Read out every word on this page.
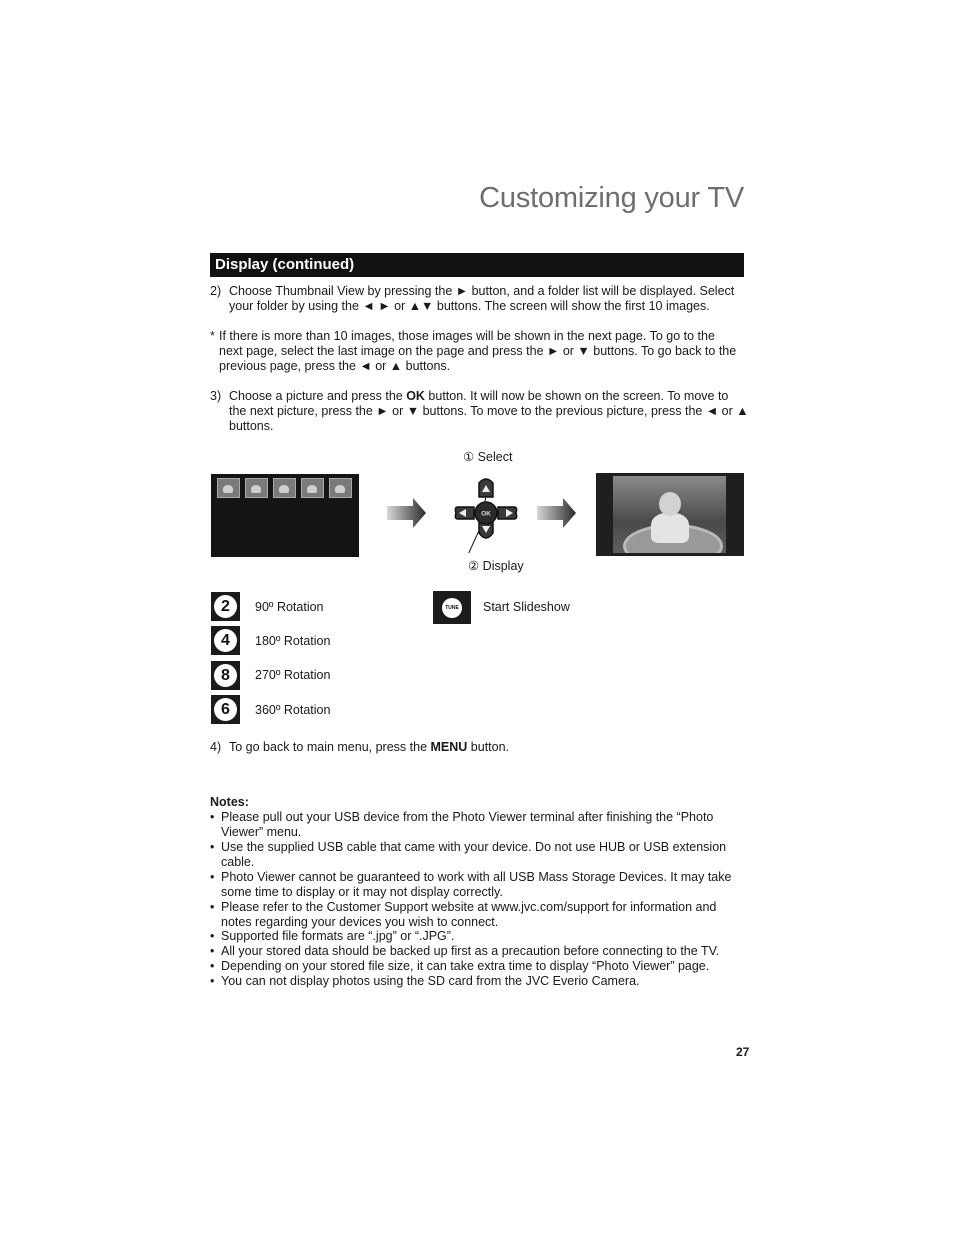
Customizing your TV
Display (continued)
2) Choose Thumbnail View by pressing the ► button, and a folder list will be displayed. Select your folder by using the ◄ ► or ▲▼ buttons. The screen will show the first 10 images.
* If there is more than 10 images, those images will be shown in the next page. To go to the next page, select the last image on the page and press the ► or ▼ buttons. To go back to the previous page, press the ◄ or ▲ buttons.
3) Choose a picture and press the OK button. It will now be shown on the screen. To move to the next picture, press the ► or ▼ buttons. To move to the previous picture, press the ◄ or ▲ buttons.
① Select
OK
② Display
2	90º Rotation
4	180º Rotation
8	270º Rotation
6	360º Rotation
TUNE Start Slideshow
4) To go back to main menu, press the MENU button.
Notes:
• Please pull out your USB device from the Photo Viewer terminal after finishing the “Photo Viewer” menu.
• Use the supplied USB cable that came with your device. Do not use HUB or USB extension cable.
• Photo Viewer cannot be guaranteed to work with all USB Mass Storage Devices. It may take some time to display or it may not display correctly.
• Please refer to the Customer Support website at www.jvc.com/support for information and notes regarding your devices you wish to connect.
• Supported file formats are “.jpg” or “.JPG”.
• All your stored data should be backed up first as a precaution before connecting to the TV.
• Depending on your stored file size, it can take extra time to display “Photo Viewer” page.
• You can not display photos using the SD card from the JVC Everio Camera.
27
